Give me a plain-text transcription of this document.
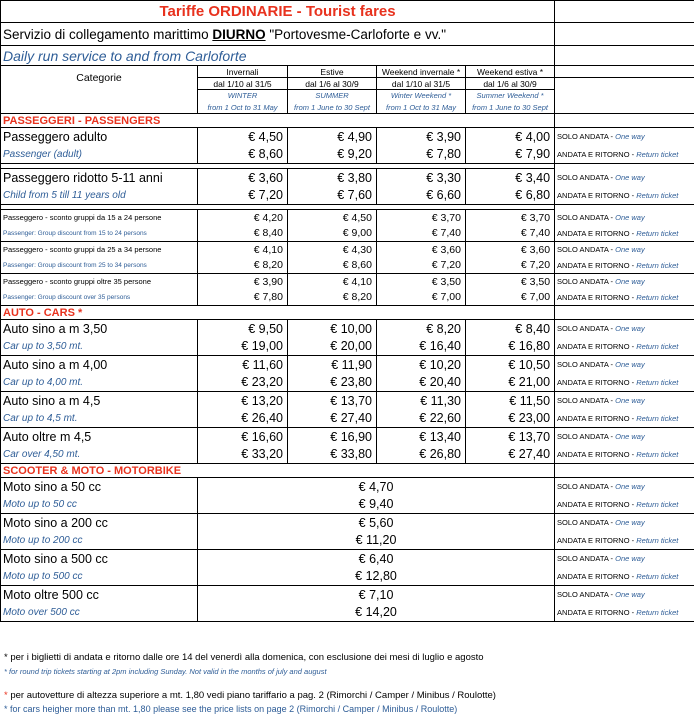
Tariffe ORDINARIE - Tourist fares					
Servizio di collegamento marittimo DIURNO "Portovesme-Carloforte e vv."					
Daily run service to and from Carloforte					
Categorie	Invernali	Estive	Weekend invernale *	Weekend estiva *	
	dal 1/10 al 31/5	dal 1/6 al 30/9	dal 1/10 al 31/5	dal 1/6 al 30/9	
	WINTER	SUMMER	Winter Weekend *	Summer Weekend *	
	from 1 Oct to 31 May	from 1 June to 30 Sept	from 1 Oct to 31 May	from 1 June to 30 Sept	
PASSEGGERI - PASSENGERS					
Passeggero adulto	€ 4,50	€ 4,90	€ 3,90	€ 4,00	SOLO ANDATA - One way
Passenger (adult)	€ 8,60	€ 9,20	€ 7,80	€ 7,90	ANDATA E RITORNO - Return ticket

Passeggero ridotto 5-11 anni	€ 3,60	€ 3,80	€ 3,30	€ 3,40	SOLO ANDATA - One way
Child from 5 till 11 years old	€ 7,20	€ 7,60	€ 6,60	€ 6,80	ANDATA E RITORNO - Return ticket

Passeggero - sconto gruppi da 15 a 24 persone	€ 4,20	€ 4,50	€ 3,70	€ 3,70	SOLO ANDATA - One way
Passenger: Group discount from 15 to 24 persons	€ 8,40	€ 9,00	€ 7,40	€ 7,40	ANDATA E RITORNO - Return ticket
Passeggero - sconto gruppi da 25 a 34 persone	€ 4,10	€ 4,30	€ 3,60	€ 3,60	SOLO ANDATA - One way
Passenger: Group discount from 25 to 34 persons	€ 8,20	€ 8,60	€ 7,20	€ 7,20	ANDATA E RITORNO - Return ticket
Passeggero - sconto gruppi oltre 35 persone	€ 3,90	€ 4,10	€ 3,50	€ 3,50	SOLO ANDATA - One way
Passenger: Group discount over 35 persons	€ 7,80	€ 8,20	€ 7,00	€ 7,00	ANDATA E RITORNO - Return ticket
AUTO - CARS *					
Auto sino a m 3,50	€ 9,50	€ 10,00	€ 8,20	€ 8,40	SOLO ANDATA - One way
Car up to 3,50 mt.	€ 19,00	€ 20,00	€ 16,40	€ 16,80	ANDATA E RITORNO - Return ticket
Auto sino a m 4,00	€ 11,60	€ 11,90	€ 10,20	€ 10,50	SOLO ANDATA - One way
Car up to 4,00 mt.	€ 23,20	€ 23,80	€ 20,40	€ 21,00	ANDATA E RITORNO - Return ticket
Auto sino a m 4,5	€ 13,20	€ 13,70	€ 11,30	€ 11,50	SOLO ANDATA - One way
Car up to 4,5 mt.	€ 26,40	€ 27,40	€ 22,60	€ 23,00	ANDATA E RITORNO - Return ticket
Auto oltre m 4,5	€ 16,60	€ 16,90	€ 13,40	€ 13,70	SOLO ANDATA - One way
Car over 4,50 mt.	€ 33,20	€ 33,80	€ 26,80	€ 27,40	ANDATA E RITORNO - Return ticket
SCOOTER & MOTO - MOTORBIKE					
Moto sino a 50 cc	€ 4,70				SOLO ANDATA - One way
Moto up to 50 cc	€ 9,40				ANDATA E RITORNO - Return ticket
Moto sino a 200 cc	€ 5,60				SOLO ANDATA - One way
Moto up to 200 cc	€ 11,20				ANDATA E RITORNO - Return ticket
Moto sino a 500 cc	€ 6,40				SOLO ANDATA - One way
Moto up to 500 cc	€ 12,80				ANDATA E RITORNO - Return ticket
Moto oltre 500 cc	€ 7,10				SOLO ANDATA - One way
Moto over 500 cc	€ 14,20				ANDATA E RITORNO - Return ticket
* per i biglietti di andata e ritorno dalle ore 14 del venerdì alla domenica, con esclusione dei mesi di luglio e agosto
* for round trip tickets starting at 2pm including Sunday. Not valid in the months of july and august
* per autovetture di altezza superiore a mt. 1,80 vedi piano tariffario a pag. 2 (Rimorchi / Camper / Minibus / Roulotte)
* for cars heigher more than mt. 1,80 please see the price lists on page 2 (Rimorchi / Camper / Minibus / Roulotte)
